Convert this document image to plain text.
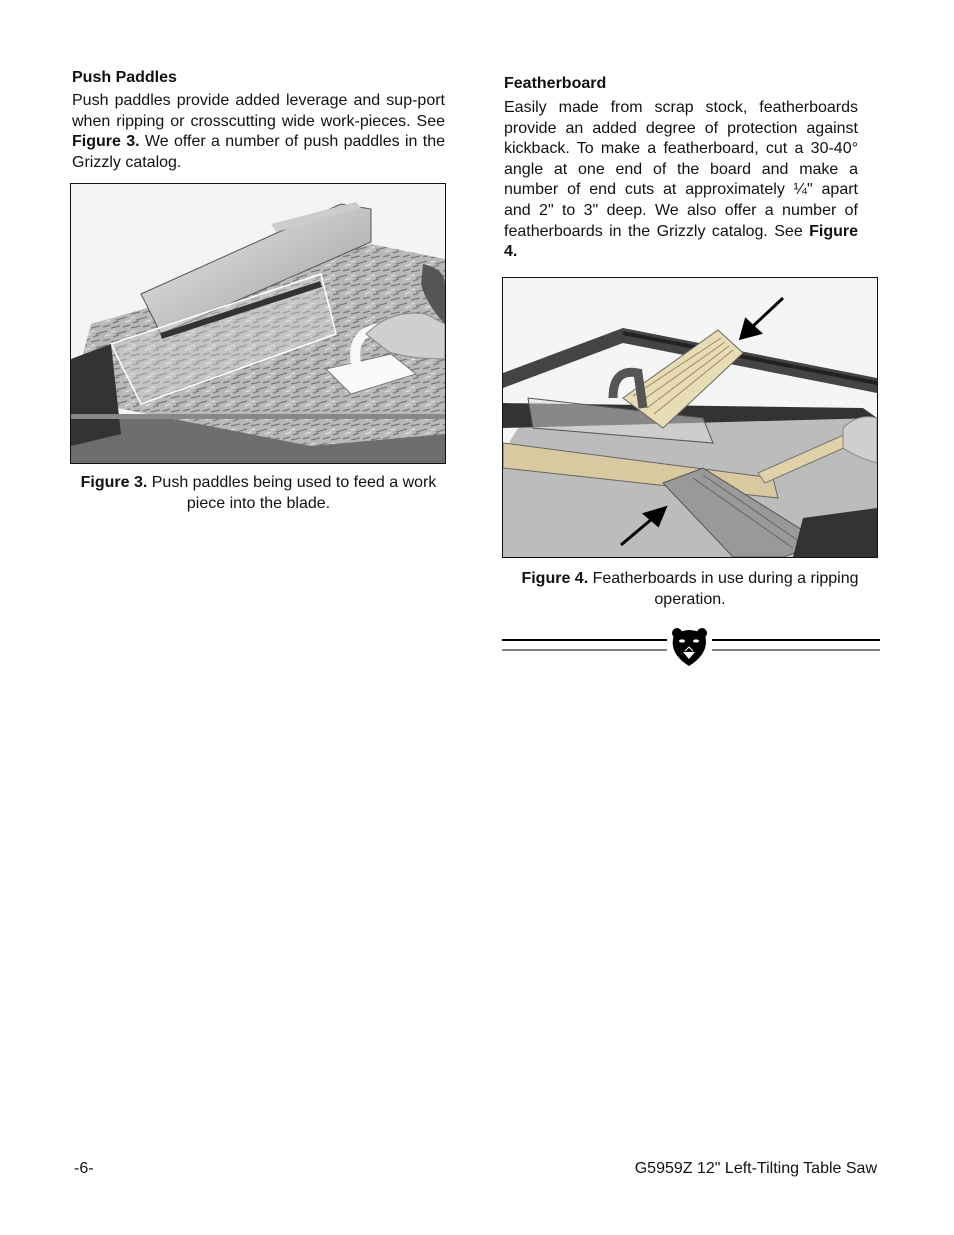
Push Paddles

Push paddles provide added leverage and sup-port when ripping or crosscutting wide work-pieces. See Figure 3. We offer a number of push paddles in the Grizzly catalog.

Figure 3. Push paddles being used to feed a work piece into the blade.
Featherboard

Easily made from scrap stock, featherboards provide an added degree of protection against kickback. To make a featherboard, cut a 30-40° angle at one end of the board and make a number of end cuts at approximately ¼" apart and 2" to 3" deep. We also offer a number of featherboards in the Grizzly catalog. See Figure 4.

Figure 4. Featherboards in use during a ripping operation.
-6-	G5959Z 12" Left-Tilting Table Saw
